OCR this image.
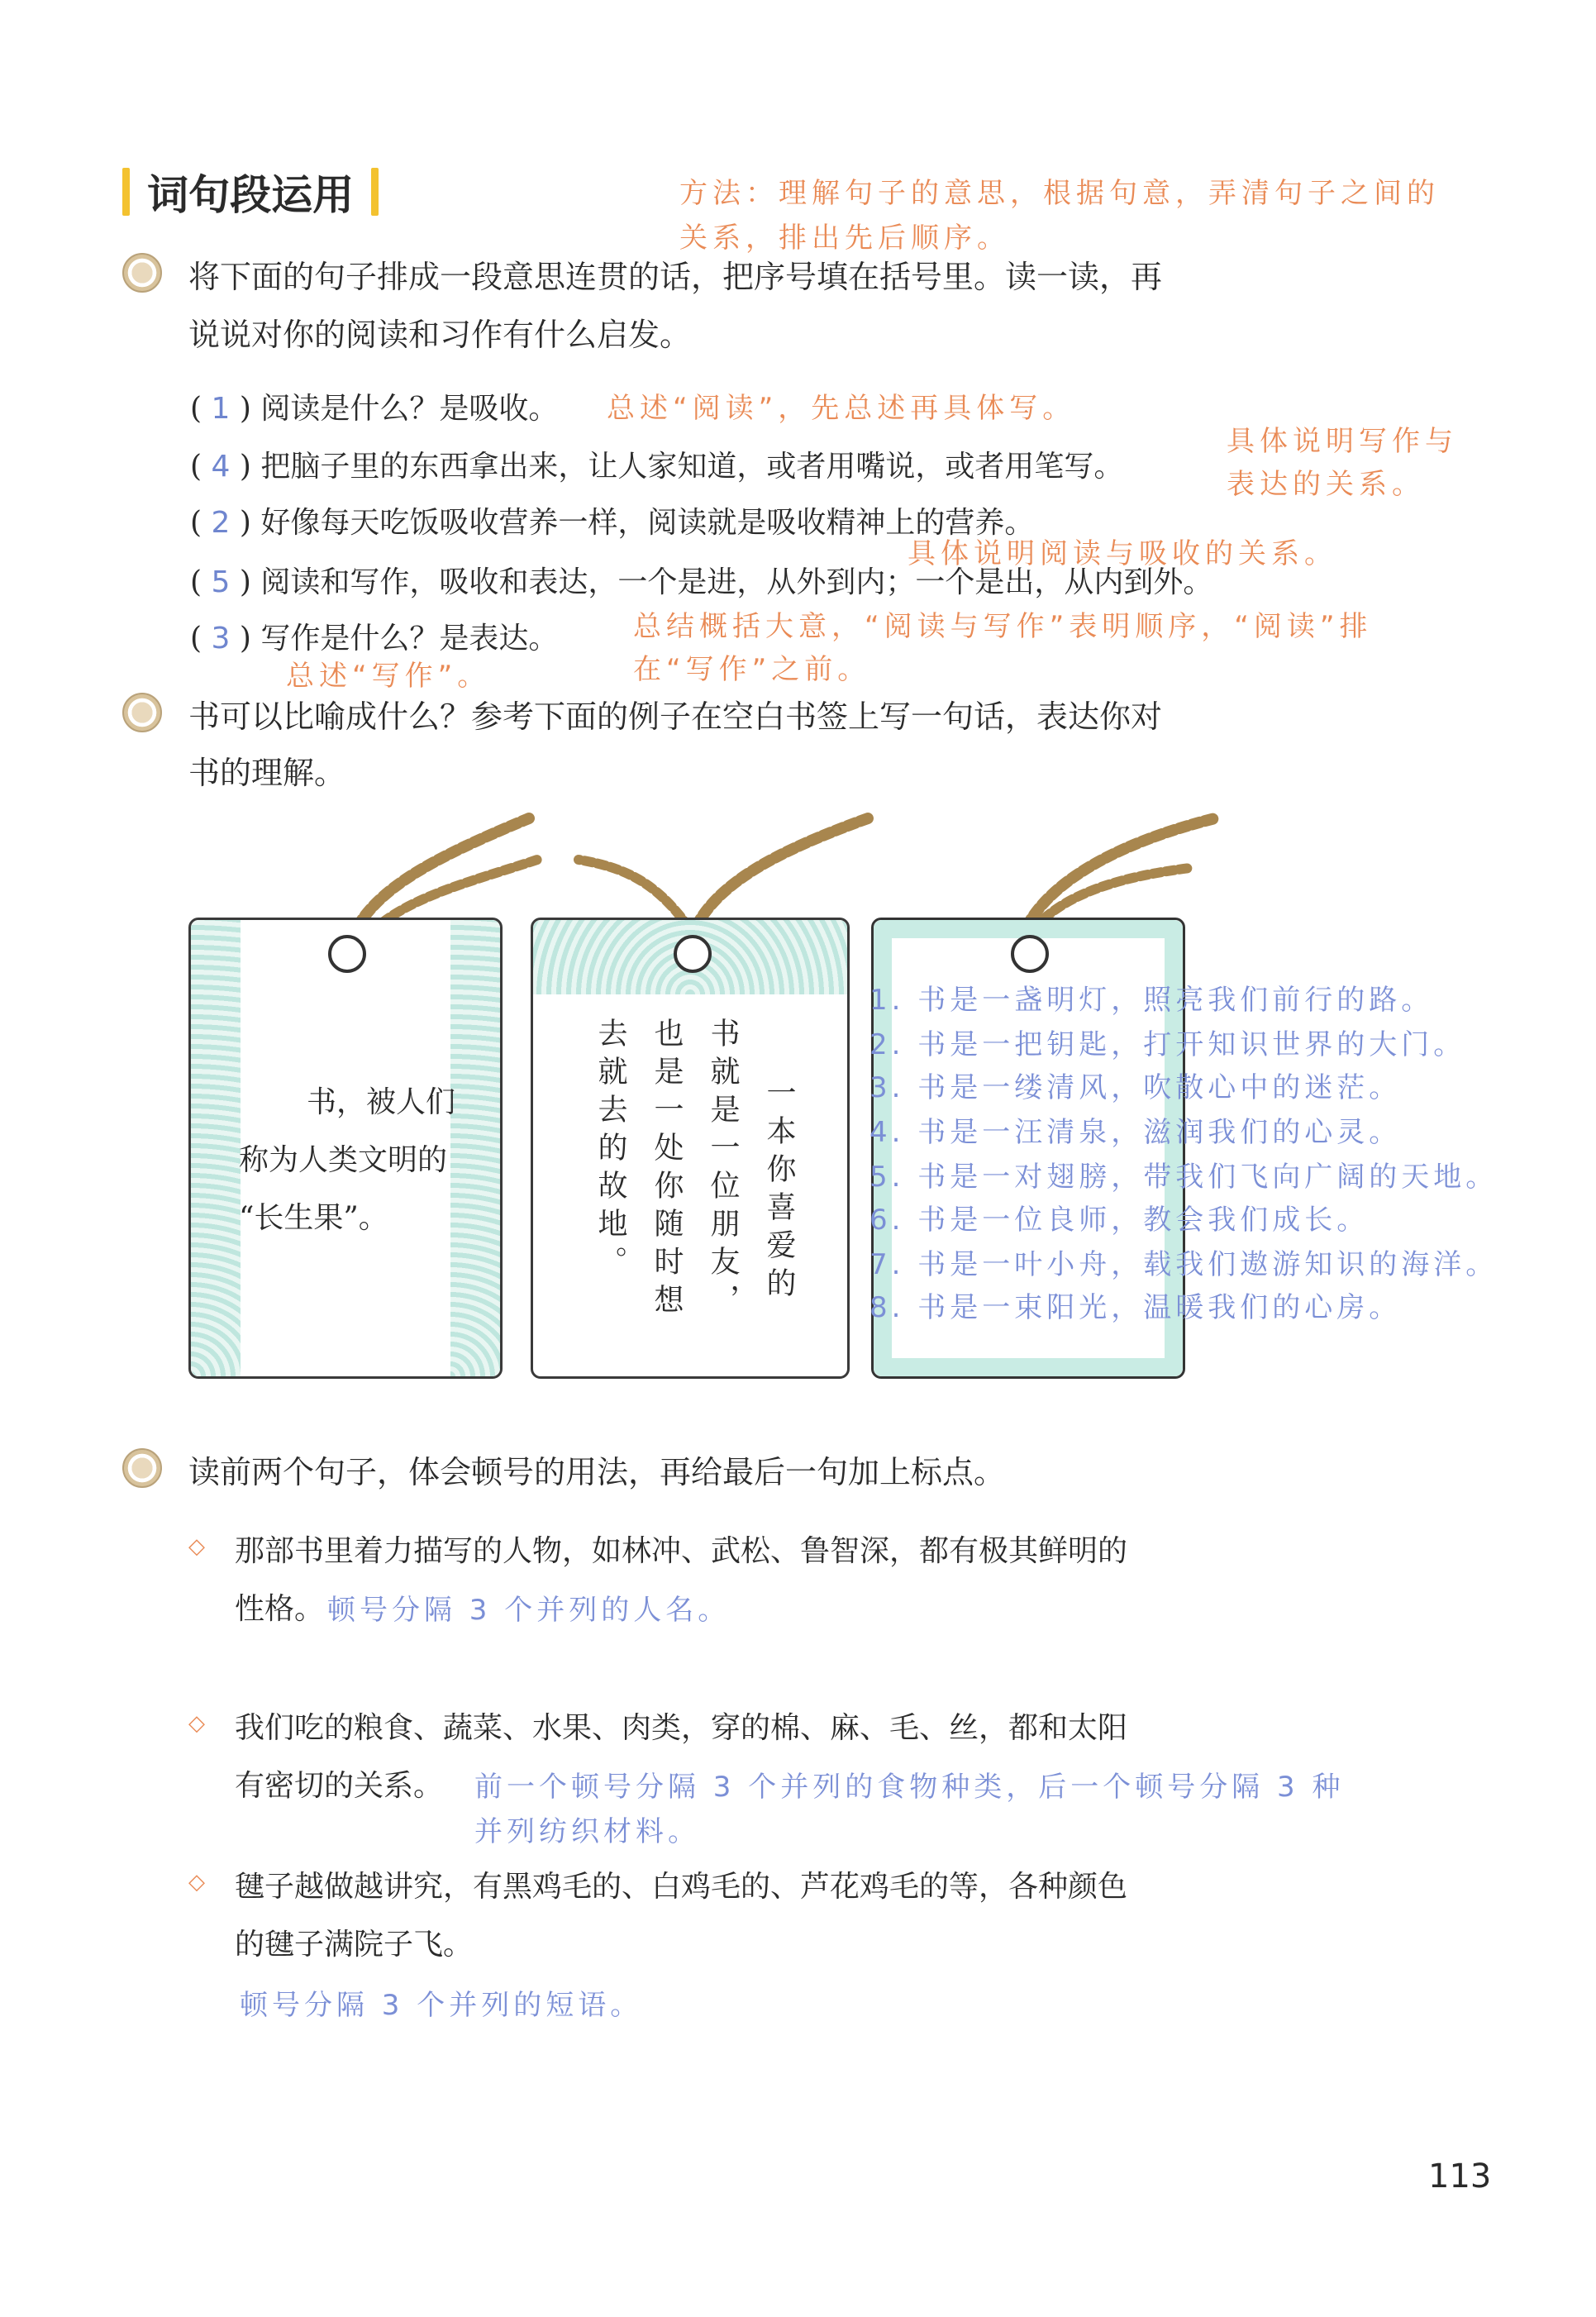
词句段运用	方法：理解句子的意思，根据句意，弄清句子之间的
关系，排出先后顺序。
将下面的句子排成一段意思连贯的话，把序号填在括号里。读一读，再
说说对你的阅读和习作有什么启发。
( 1 ) 阅读是什么？是吸收。 总述“阅读”，先总述再具体写。
( 4 ) 把脑子里的东西拿出来，让人家知道，或者用嘴说，或者用笔写。
具体说明写作与
表达的关系。
( 2 ) 好像每天吃饭吸收营养一样，阅读就是吸收精神上的营养。
具体说明阅读与吸收的关系。
( 5 ) 阅读和写作，吸收和表达，一个是进，从外到内；一个是出，从内到外。
( 3 ) 写作是什么？是表达。	总结概括大意，“阅读与写作”表明顺序，“阅读”排
在“写作”之前。
总述“写作”。
书可以比喻成什么？参考下面的例子在空白书签上写一句话，表达你对
书的理解。
书，被人们
称为人类文明的
“长生果”。	一本你喜爱的
书就是一位朋友，
也是一处你随时想
去就去的故地。
1. 书是一盏明灯，照亮我们前行的路。
2. 书是一把钥匙，打开知识世界的大门。
3. 书是一缕清风，吹散心中的迷茫。
4. 书是一汪清泉，滋润我们的心灵。
5. 书是一对翅膀，带我们飞向广阔的天地。
6. 书是一位良师，教会我们成长。
7. 书是一叶小舟，载我们遨游知识的海洋。
8. 书是一束阳光，温暖我们的心房。
读前两个句子，体会顿号的用法，再给最后一句加上标点。
◇ 那部书里着力描写的人物，如林冲、武松、鲁智深，都有极其鲜明的
性格。 顿号分隔 3 个并列的人名。
◇ 我们吃的粮食、蔬菜、水果、肉类，穿的棉、麻、毛、丝，都和太阳
有密切的关系。 前一个顿号分隔 3 个并列的食物种类，后一个顿号分隔 3 种
并列纺织材料。
◇ 毽子越做越讲究，有黑鸡毛的、白鸡毛的、芦花鸡毛的等，各种颜色
的毽子满院子飞。
顿号分隔 3 个并列的短语。
113
